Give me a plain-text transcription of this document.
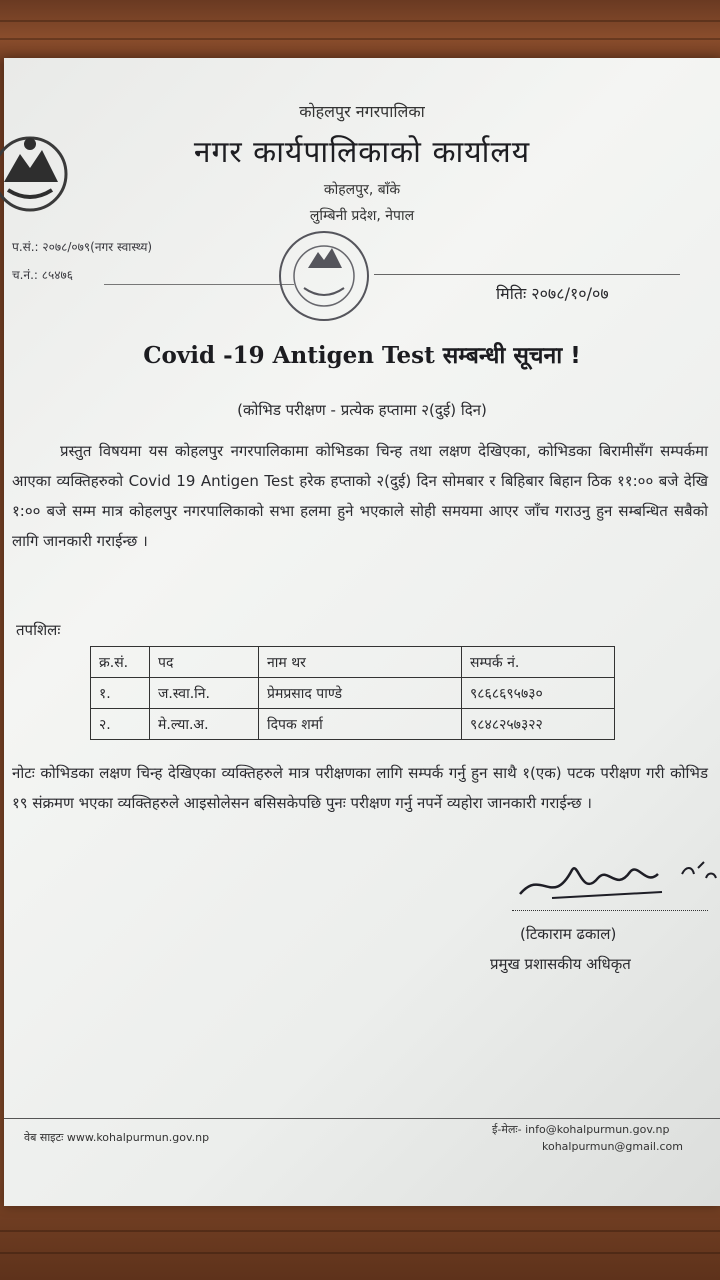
कोहलपुर नगरपालिका
नगर कार्यपालिकाको कार्यालय
कोहलपुर, बाँके
लुम्बिनी प्रदेश, नेपाल
प.सं.: २०७८/०७९(नगर स्वास्थ्य)
च.नं.: ८५४७६
मितिः २०७८/१०/०७
Covid -19 Antigen Test सम्बन्धी सूचना !
(कोभिड परीक्षण - प्रत्येक हप्तामा २(दुई) दिन)
प्रस्तुत विषयमा यस कोहलपुर नगरपालिकामा कोभिडका चिन्ह तथा लक्षण देखिएका, कोभिडका बिरामीसँग सम्पर्कमा आएका व्यक्तिहरुको Covid 19 Antigen Test हरेक हप्ताको २(दुई) दिन सोमबार र बिहिबार बिहान ठिक ११:०० बजे देखि १:०० बजे सम्म मात्र कोहलपुर नगरपालिकाको सभा हलमा हुने भएकाले सोही समयमा आएर जाँच गराउनु हुन सम्बन्धित सबैको लागि जानकारी गराईन्छ ।
तपशिलः
क्र.सं.	पद	नाम थर	सम्पर्क नं.
१.	ज.स्वा.नि.	प्रेमप्रसाद पाण्डे	९८६८६९५७३०
२.	मे.ल्या.अ.	दिपक शर्मा	९८४८२५७३२२
नोटः कोभिडका लक्षण चिन्ह देखिएका व्यक्तिहरुले मात्र परीक्षणका लागि सम्पर्क गर्नु हुन साथै १(एक) पटक परीक्षण गरी कोभिड १९ संक्रमण भएका व्यक्तिहरुले आइसोलेसन बसिसकेपछि पुनः परीक्षण गर्नु नपर्ने व्यहोरा जानकारी गराईन्छ ।
(टिकाराम ढकाल)
प्रमुख प्रशासकीय अधिकृत
वेब साइटः www.kohalpurmun.gov.np
ई-मेलः- info@kohalpurmun.gov.np
kohalpurmun@gmail.com
